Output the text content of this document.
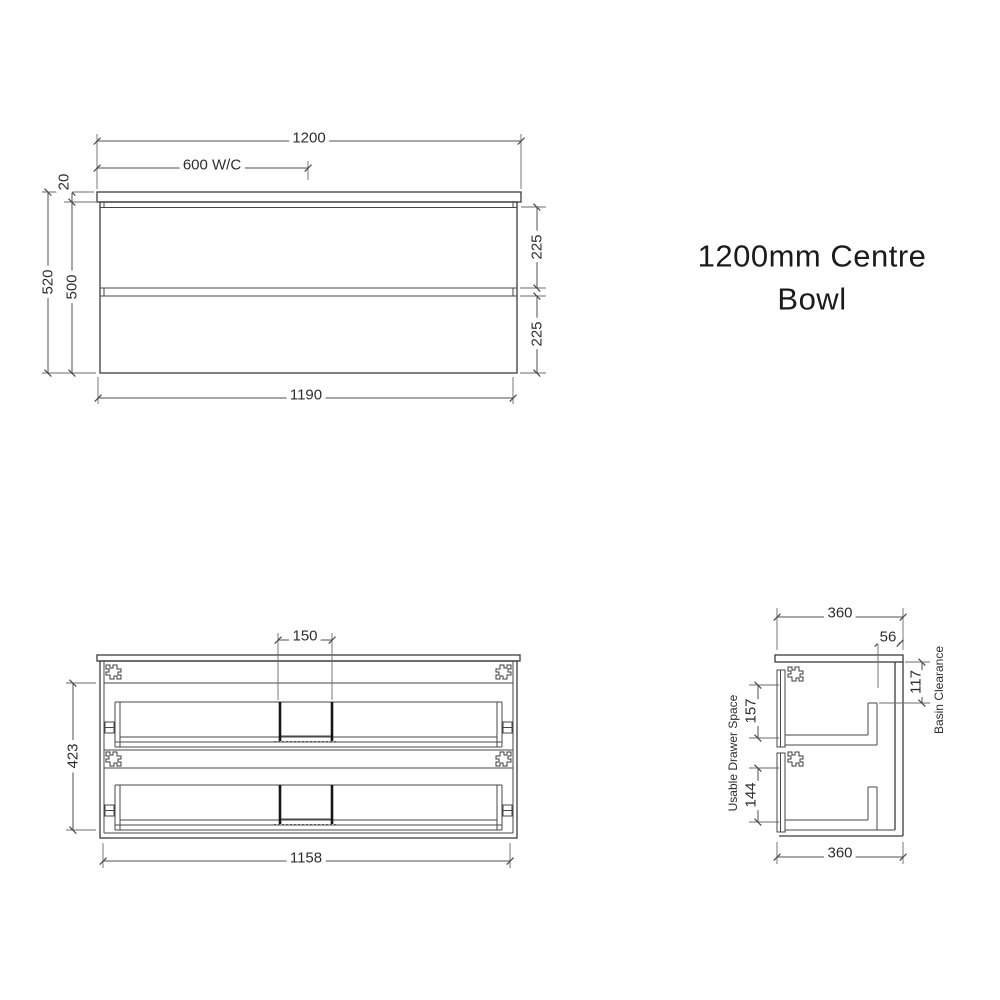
1200
600 W/C
1190
520
20
500
225
225
1200mm Centre
Bowl
150
423
1158
360
56
117 Basin Clearance
157
144
Usable Drawer Space
360
